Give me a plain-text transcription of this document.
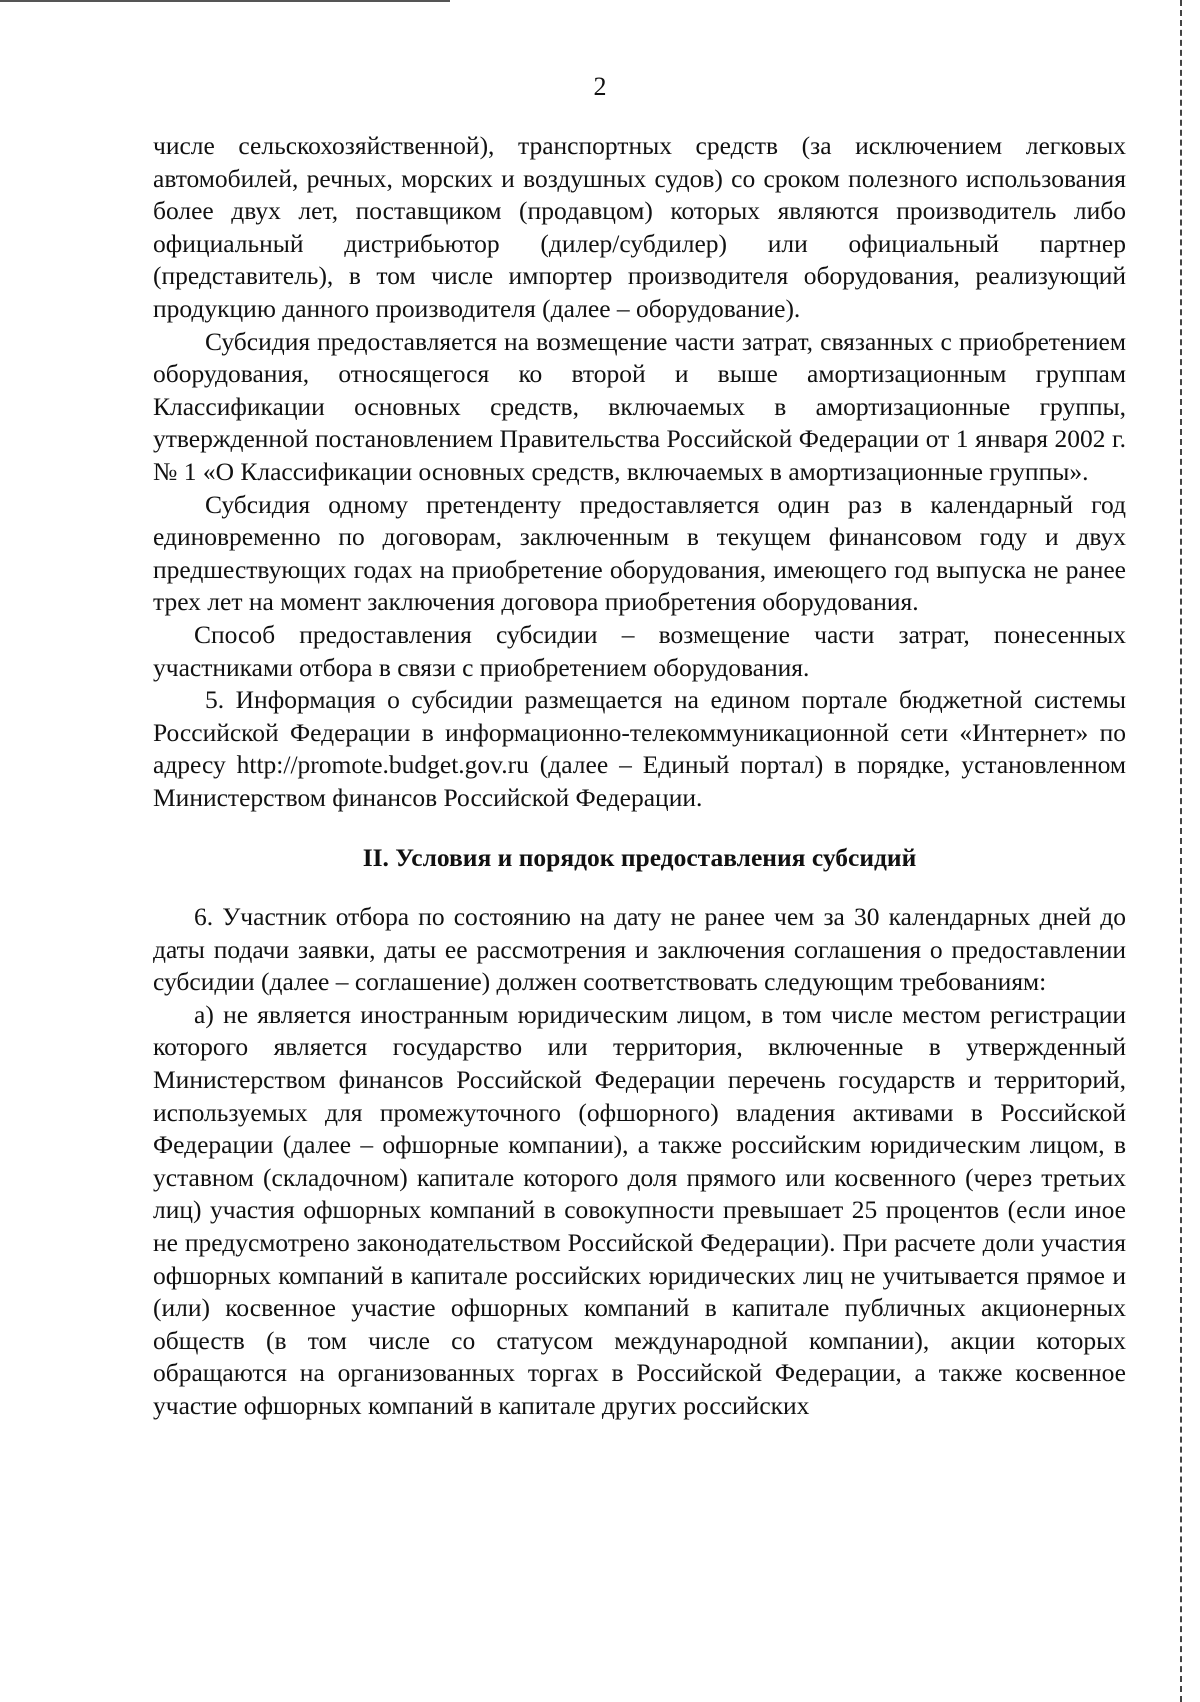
2

числе сельскохозяйственной), транспортных средств (за исключением легковых автомобилей, речных, морских и воздушных судов) со сроком полезного использования более двух лет, поставщиком (продавцом) которых являются производитель либо официальный дистрибьютор (дилер/субдилер) или официальный партнер (представитель), в том числе импортер производителя оборудования, реализующий продукцию данного производителя (далее – оборудование).

Субсидия предоставляется на возмещение части затрат, связанных с приобретением оборудования, относящегося ко второй и выше амортизационным группам Классификации основных средств, включаемых в амортизационные группы, утвержденной постановлением Правительства Российской Федерации от 1 января 2002 г. № 1 «О Классификации основных средств, включаемых в амортизационные группы».

Субсидия одному претенденту предоставляется один раз в календарный год единовременно по договорам, заключенным в текущем финансовом году и двух предшествующих годах на приобретение оборудования, имеющего год выпуска не ранее трех лет на момент заключения договора приобретения оборудования.

Способ предоставления субсидии – возмещение части затрат, понесенных участниками отбора в связи с приобретением оборудования.

5. Информация о субсидии размещается на едином портале бюджетной системы Российской Федерации в информационно-телекоммуникационной сети «Интернет» по адресу http://promote.budget.gov.ru (далее – Единый портал) в порядке, установленном Министерством финансов Российской Федерации.

II. Условия и порядок предоставления субсидий

6. Участник отбора по состоянию на дату не ранее чем за 30 календарных дней до даты подачи заявки, даты ее рассмотрения и заключения соглашения о предоставлении субсидии (далее – соглашение) должен соответствовать следующим требованиям:

а) не является иностранным юридическим лицом, в том числе местом регистрации которого является государство или территория, включенные в утвержденный Министерством финансов Российской Федерации перечень государств и территорий, используемых для промежуточного (офшорного) владения активами в Российской Федерации (далее – офшорные компании), а также российским юридическим лицом, в уставном (складочном) капитале которого доля прямого или косвенного (через третьих лиц) участия офшорных компаний в совокупности превышает 25 процентов (если иное не предусмотрено законодательством Российской Федерации). При расчете доли участия офшорных компаний в капитале российских юридических лиц не учитывается прямое и (или) косвенное участие офшорных компаний в капитале публичных акционерных обществ (в том числе со статусом международной компании), акции которых обращаются на организованных торгах в Российской Федерации, а также косвенное участие офшорных компаний в капитале других российских
